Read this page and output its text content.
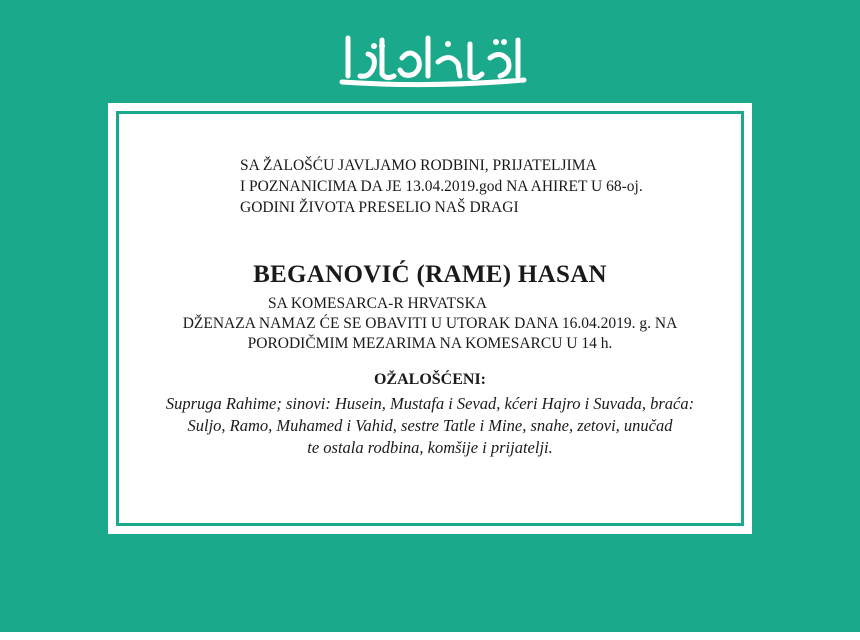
SA ŽALOŠĆU JAVLJAMO RODBINI, PRIJATELJIMA
I POZNANICIMA DA JE 13.04.2019.god NA AHIRET U 68-oj.
GODINI ŽIVOTA PRESELIO NAŠ DRAGI
BEGANOVIĆ (RAME) HASAN
SA KOMESARCA-R HRVATSKA
DŽENAZA NAMAZ ĆE SE OBAVITI U UTORAK DANA 16.04.2019. g. NA
PORODIČMIM MEZARIMA NA KOMESARCU U 14 h.
OŽALOŠĆENI:
Supruga Rahime; sinovi: Husein, Mustafa i Sevad, kćeri Hajro i Suvada, braća:
Suljo, Ramo, Muhamed i Vahid, sestre Tatle i Mine, snahe, zetovi, unučad
te ostala rodbina, komšije i prijatelji.
